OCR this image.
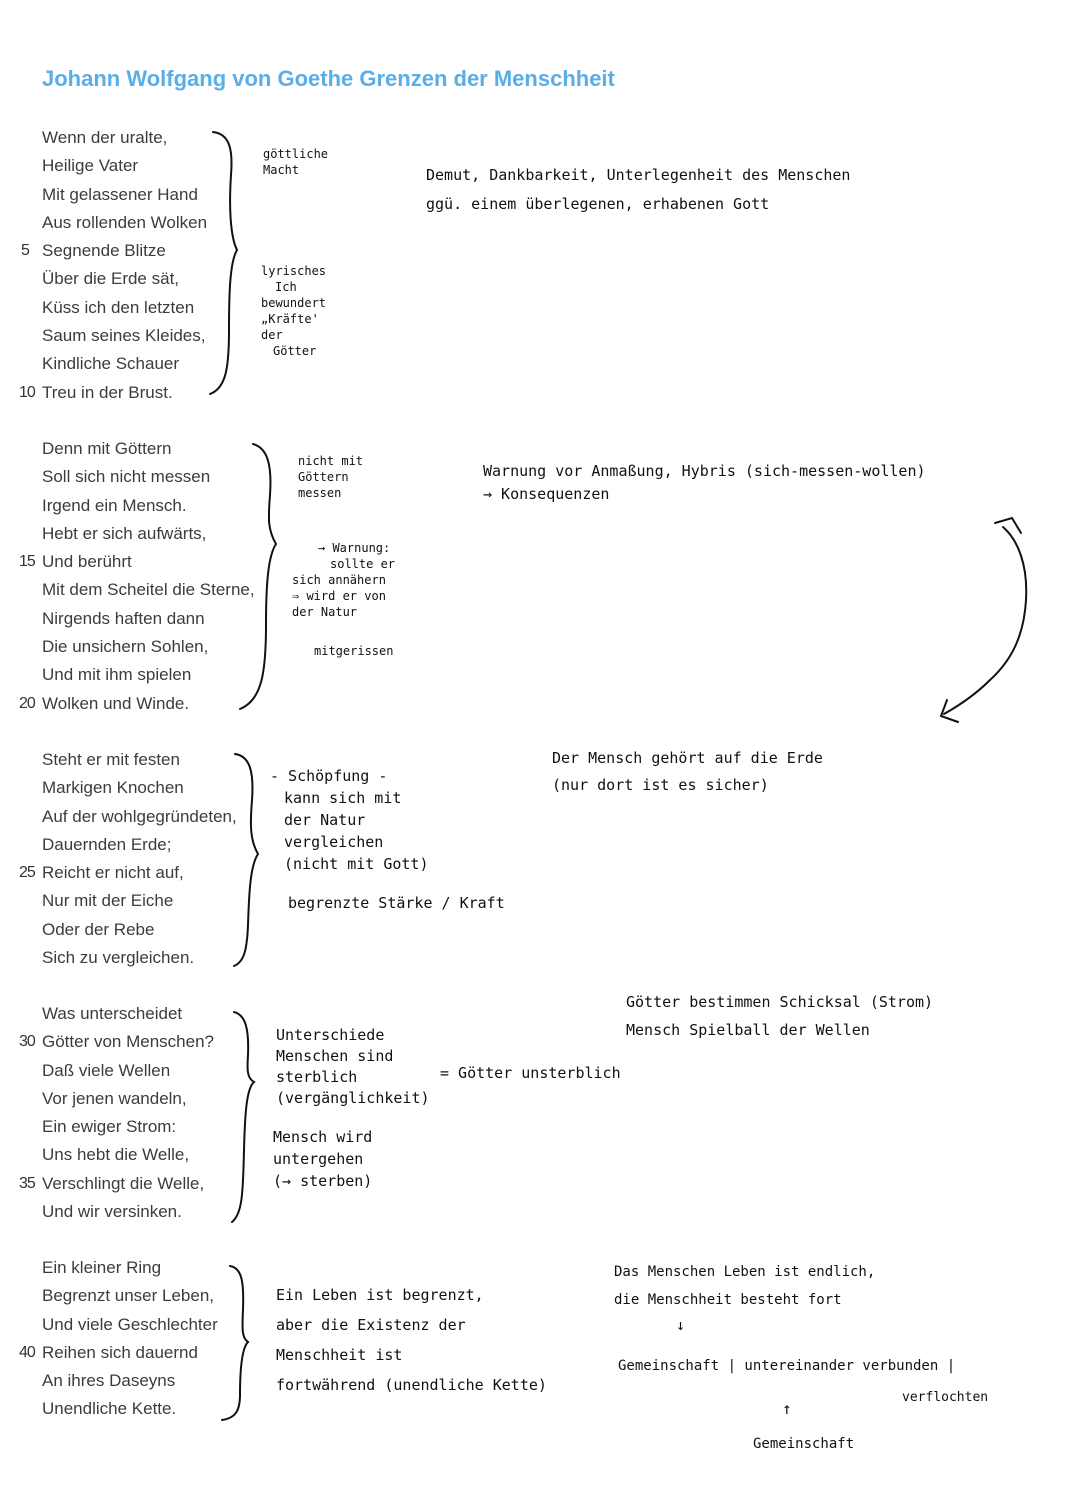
Johann Wolfgang von Goethe Grenzen der Menschheit
Wenn der uralte,
Heilige Vater
Mit gelassener Hand
Aus rollenden Wolken
5 Segnende Blitze
Über die Erde sät,
Küss ich den letzten
Saum seines Kleides,
Kindliche Schauer
10 Treu in der Brust.
Denn mit Göttern
Soll sich nicht messen
Irgend ein Mensch.
Hebt er sich aufwärts,
15 Und berührt
Mit dem Scheitel die Sterne,
Nirgends haften dann
Die unsichern Sohlen,
Und mit ihm spielen
20 Wolken und Winde.
Steht er mit festen
Markigen Knochen
Auf der wohlgegründeten,
Dauernden Erde;
25 Reicht er nicht auf,
Nur mit der Eiche
Oder der Rebe
Sich zu vergleichen.
Was unterscheidet
30 Götter von Menschen?
Daß viele Wellen
Vor jenen wandeln,
Ein ewiger Strom:
Uns hebt die Welle,
35 Verschlingt die Welle,
Und wir versinken.
Ein kleiner Ring
Begrenzt unser Leben,
Und viele Geschlechter
40 Reihen sich dauernd
An ihres Daseyns
Unendliche Kette.
göttliche
Macht
lyrisches
Ich
bewundert
„Kräfte'
der
Götter
Demut, Dankbarkeit, Unterlegenheit des Menschen
ggü. einem überlegenen, erhabenen Gott
nicht mit
Göttern
messen
→ Warnung:
sollte er
sich annähern
⇒ wird er von
der Natur
mitgerissen
Warnung vor Anmaßung, Hybris (sich-messen-wollen)
→ Konsequenzen
- Schöpfung -
kann sich mit
der Natur
vergleichen
(nicht mit Gott)
begrenzte Stärke / Kraft
Der Mensch gehört auf die Erde
(nur dort ist es sicher)
Götter bestimmen Schicksal (Strom)
Mensch Spielball der Wellen
Unterschiede
Menschen sind
sterblich
(vergänglichkeit)
= Götter unsterblich
Mensch wird
untergehen
(→ sterben)
Ein Leben ist begrenzt,
aber die Existenz der
Menschheit ist
fortwährend (unendliche Kette)
Das Menschen Leben ist endlich,
die Menschheit besteht fort
↓
Gemeinschaft | untereinander verbunden |
verflochten
↑
Gemeinschaft
